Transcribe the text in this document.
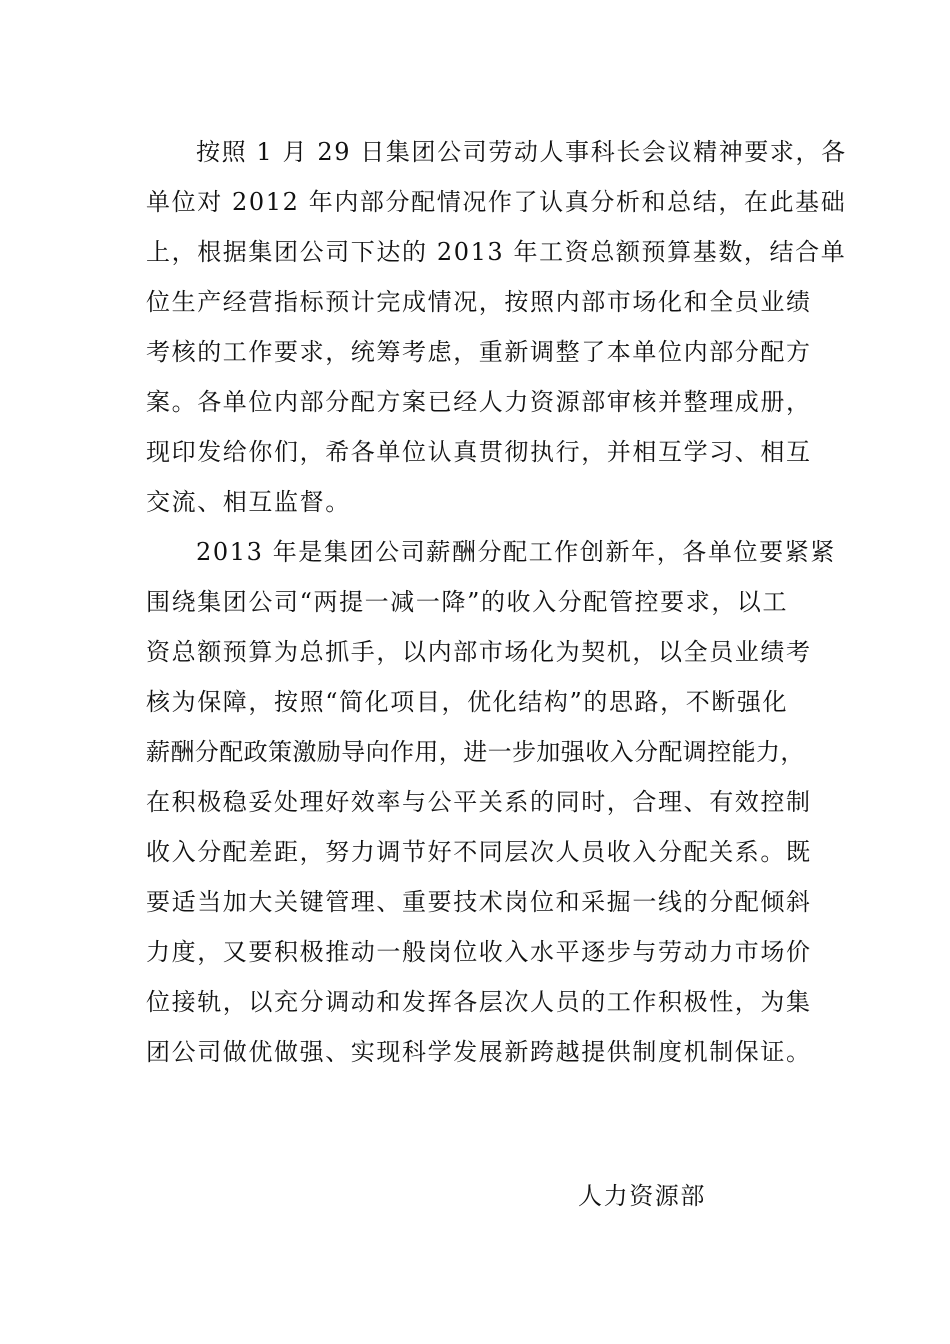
按照 1 月 29 日集团公司劳动人事科长会议精神要求，各
单位对 2012 年内部分配情况作了认真分析和总结，在此基础
上，根据集团公司下达的 2013 年工资总额预算基数，结合单
位生产经营指标预计完成情况，按照内部市场化和全员业绩
考核的工作要求，统筹考虑，重新调整了本单位内部分配方
案。各单位内部分配方案已经人力资源部审核并整理成册，
现印发给你们，希各单位认真贯彻执行，并相互学习、相互
交流、相互监督。
2013 年是集团公司薪酬分配工作创新年，各单位要紧紧
围绕集团公司“两提一减一降”的收入分配管控要求，以工
资总额预算为总抓手，以内部市场化为契机，以全员业绩考
核为保障，按照“简化项目，优化结构”的思路，不断强化
薪酬分配政策激励导向作用，进一步加强收入分配调控能力，
在积极稳妥处理好效率与公平关系的同时，合理、有效控制
收入分配差距，努力调节好不同层次人员收入分配关系。既
要适当加大关键管理、重要技术岗位和采掘一线的分配倾斜
力度，又要积极推动一般岗位收入水平逐步与劳动力市场价
位接轨，以充分调动和发挥各层次人员的工作积极性，为集
团公司做优做强、实现科学发展新跨越提供制度机制保证。
人力资源部
